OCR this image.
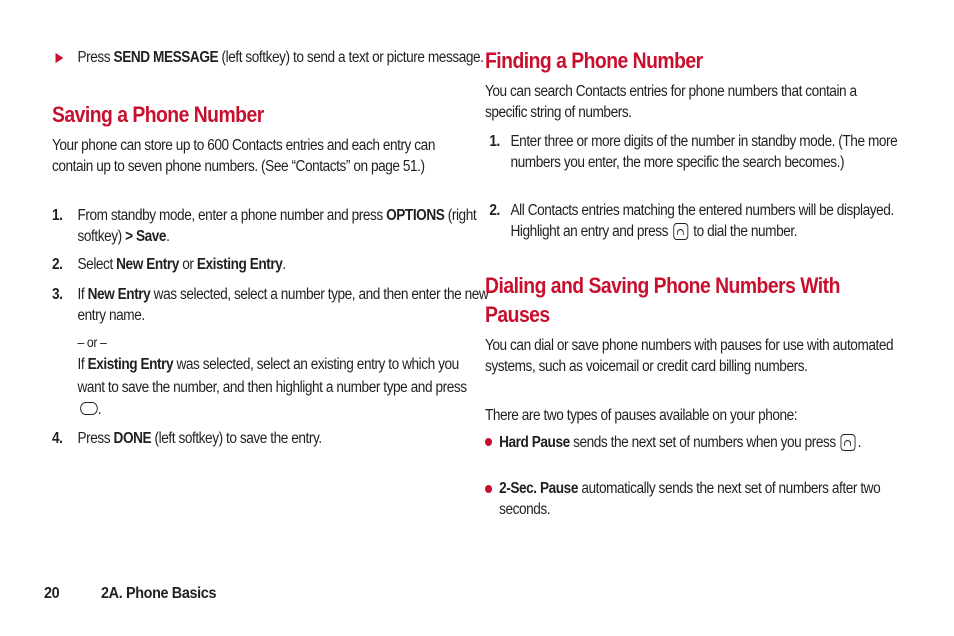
Press SEND MESSAGE (left softkey) to send a text or picture message.
Saving a Phone Number
Your phone can store up to 600 Contacts entries and each entry can contain up to seven phone numbers. (See “Contacts” on page 51.)
1. From standby mode, enter a phone number and press OPTIONS (right softkey) > Save.
2. Select New Entry or Existing Entry.
3. If New Entry was selected, select a number type, and then enter the new entry name.
– or –
If Existing Entry was selected, select an existing entry to which you want to save the number, and then highlight a number type and press .
4. Press DONE (left softkey) to save the entry.
Finding a Phone Number
You can search Contacts entries for phone numbers that contain a specific string of numbers.
1. Enter three or more digits of the number in standby mode. (The more numbers you enter, the more specific the search becomes.)
2. All Contacts entries matching the entered numbers will be displayed. Highlight an entry and press  to dial the number.
Dialing and Saving Phone Numbers With Pauses
You can dial or save phone numbers with pauses for use with automated systems, such as voicemail or credit card billing numbers.
There are two types of pauses available on your phone:
Hard Pause sends the next set of numbers when you press .
2-Sec. Pause automatically sends the next set of numbers after two seconds.
20	2A. Phone Basics
